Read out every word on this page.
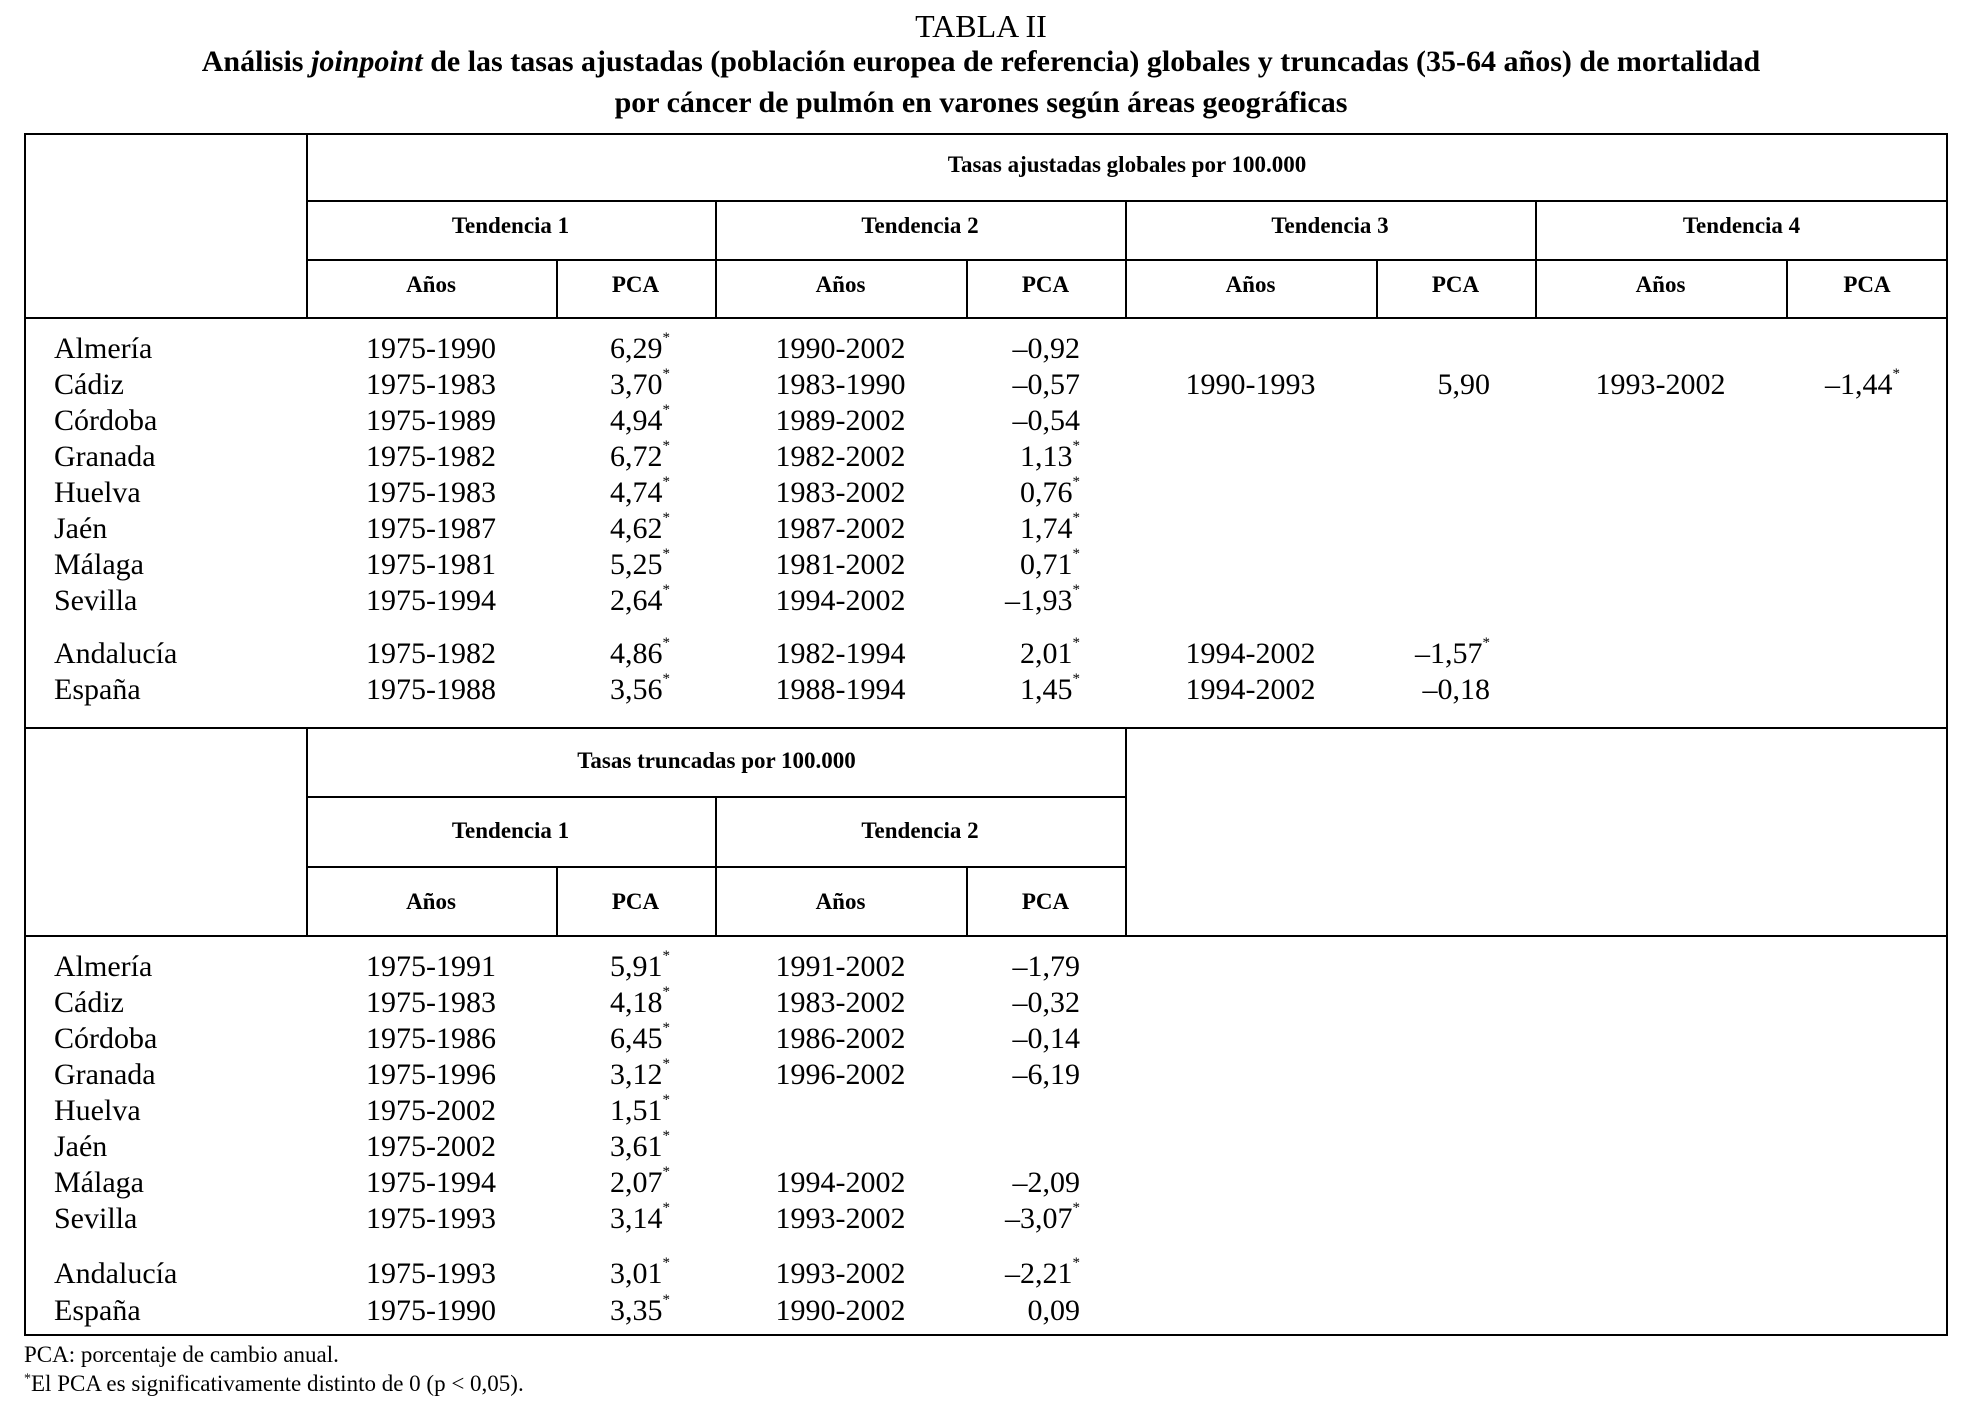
TABLA II
Análisis joinpoint de las tasas ajustadas (población europea de referencia) globales y truncadas (35-64 años) de mortalidad
por cáncer de pulmón en varones según áreas geográficas
Tasas ajustadas globales por 100.000
Tendencia 1	Tendencia 2	Tendencia 3	Tendencia 4
Años	PCA	Años	PCA	Años	PCA	Años	PCA
Tasas truncadas por 100.000
Tendencia 1	Tendencia 2
Años	PCA	Años	PCA
Almería	1975-1990	6,29*	1990-2002	–0,92
Cádiz	1975-1983	3,70*	1983-1990	–0,57	1990-1993	5,90	1993-2002	–1,44*
Córdoba	1975-1989	4,94*	1989-2002	–0,54
Granada	1975-1982	6,72*	1982-2002	1,13*
Huelva	1975-1983	4,74*	1983-2002	0,76*
Jaén	1975-1987	4,62*	1987-2002	1,74*
Málaga	1975-1981	5,25*	1981-2002	0,71*
Sevilla	1975-1994	2,64*	1994-2002	–1,93*
Andalucía	1975-1982	4,86*	1982-1994	2,01*	1994-2002	–1,57*
España	1975-1988	3,56*	1988-1994	1,45*	1994-2002	–0,18
Almería	1975-1991	5,91*	1991-2002	–1,79
Cádiz	1975-1983	4,18*	1983-2002	–0,32
Córdoba	1975-1986	6,45*	1986-2002	–0,14
Granada	1975-1996	3,12*	1996-2002	–6,19
Huelva	1975-2002	1,51*
Jaén	1975-2002	3,61*
Málaga	1975-1994	2,07*	1994-2002	–2,09
Sevilla	1975-1993	3,14*	1993-2002	–3,07*
Andalucía	1975-1993	3,01*	1993-2002	–2,21*
España	1975-1990	3,35*	1990-2002	0,09
PCA: porcentaje de cambio anual.
*El PCA es significativamente distinto de 0 (p < 0,05).
